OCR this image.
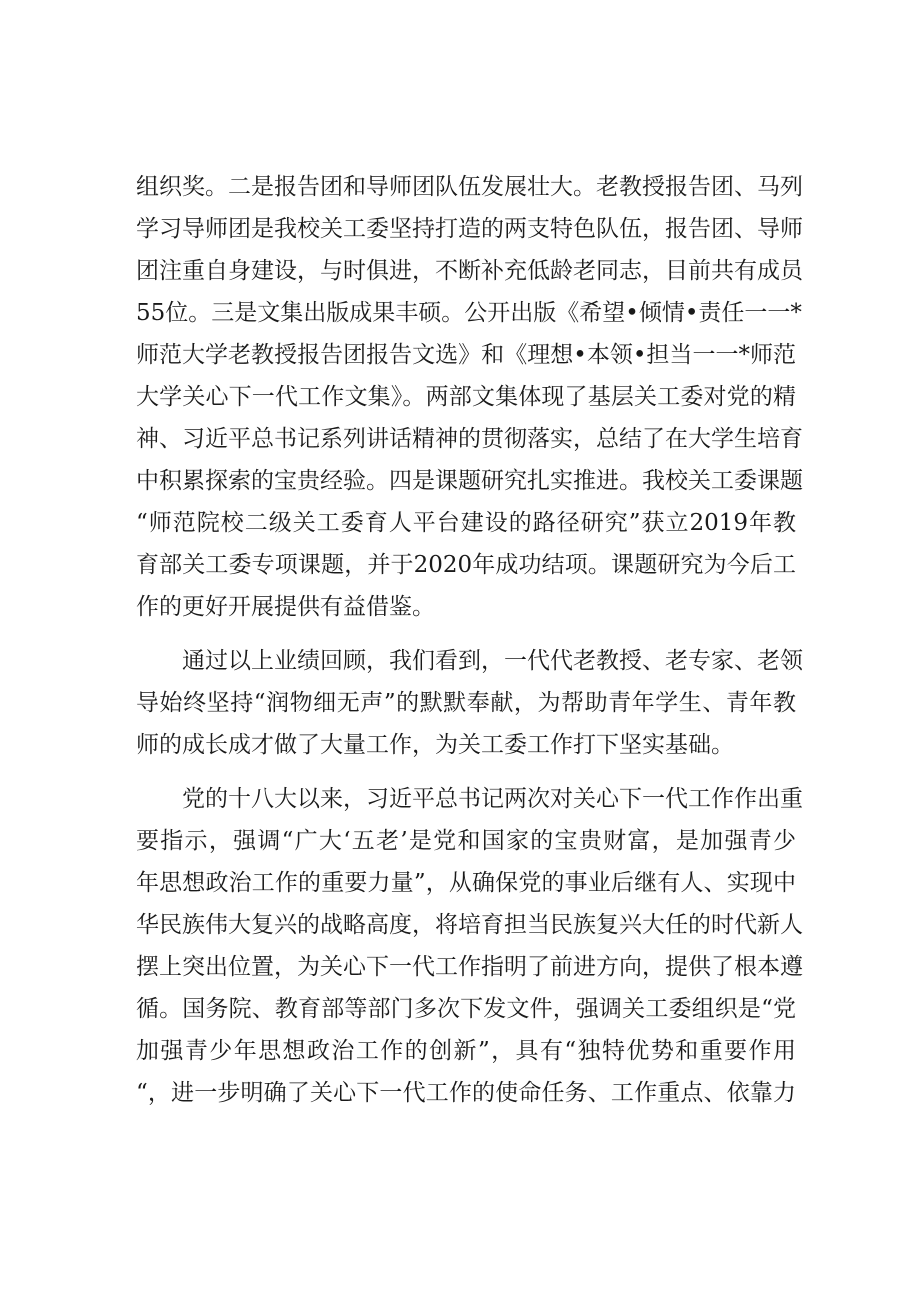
组织奖。二是报告团和导师团队伍发展壮大。老教授报告团、马列
学习导师团是我校关工委坚持打造的两支特色队伍，报告团、导师
团注重自身建设，与时俱进，不断补充低龄老同志，目前共有成员
55位。三是文集出版成果丰硕。公开出版《希望•倾情•责任一一*
师范大学老教授报告团报告文选》和《理想•本领•担当一一*师范
大学关心下一代工作文集》。两部文集体现了基层关工委对党的精
神、习近平总书记系列讲话精神的贯彻落实，总结了在大学生培育
中积累探索的宝贵经验。四是课题研究扎实推进。我校关工委课题
“师范院校二级关工委育人平台建设的路径研究”获立2019年教
育部关工委专项课题，并于2020年成功结项。课题研究为今后工
作的更好开展提供有益借鉴。
通过以上业绩回顾，我们看到，一代代老教授、老专家、老领
导始终坚持“润物细无声”的默默奉献，为帮助青年学生、青年教
师的成长成才做了大量工作，为关工委工作打下坚实基础。
党的十八大以来，习近平总书记两次对关心下一代工作作出重
要指示，强调“广大‘五老’是党和国家的宝贵财富，是加强青少
年思想政治工作的重要力量”，从确保党的事业后继有人、实现中
华民族伟大复兴的战略高度，将培育担当民族复兴大任的时代新人
摆上突出位置，为关心下一代工作指明了前进方向，提供了根本遵
循。国务院、教育部等部门多次下发文件，强调关工委组织是“党
加强青少年思想政治工作的创新”，具有“独特优势和重要作用
“，进一步明确了关心下一代工作的使命任务、工作重点、依靠力
